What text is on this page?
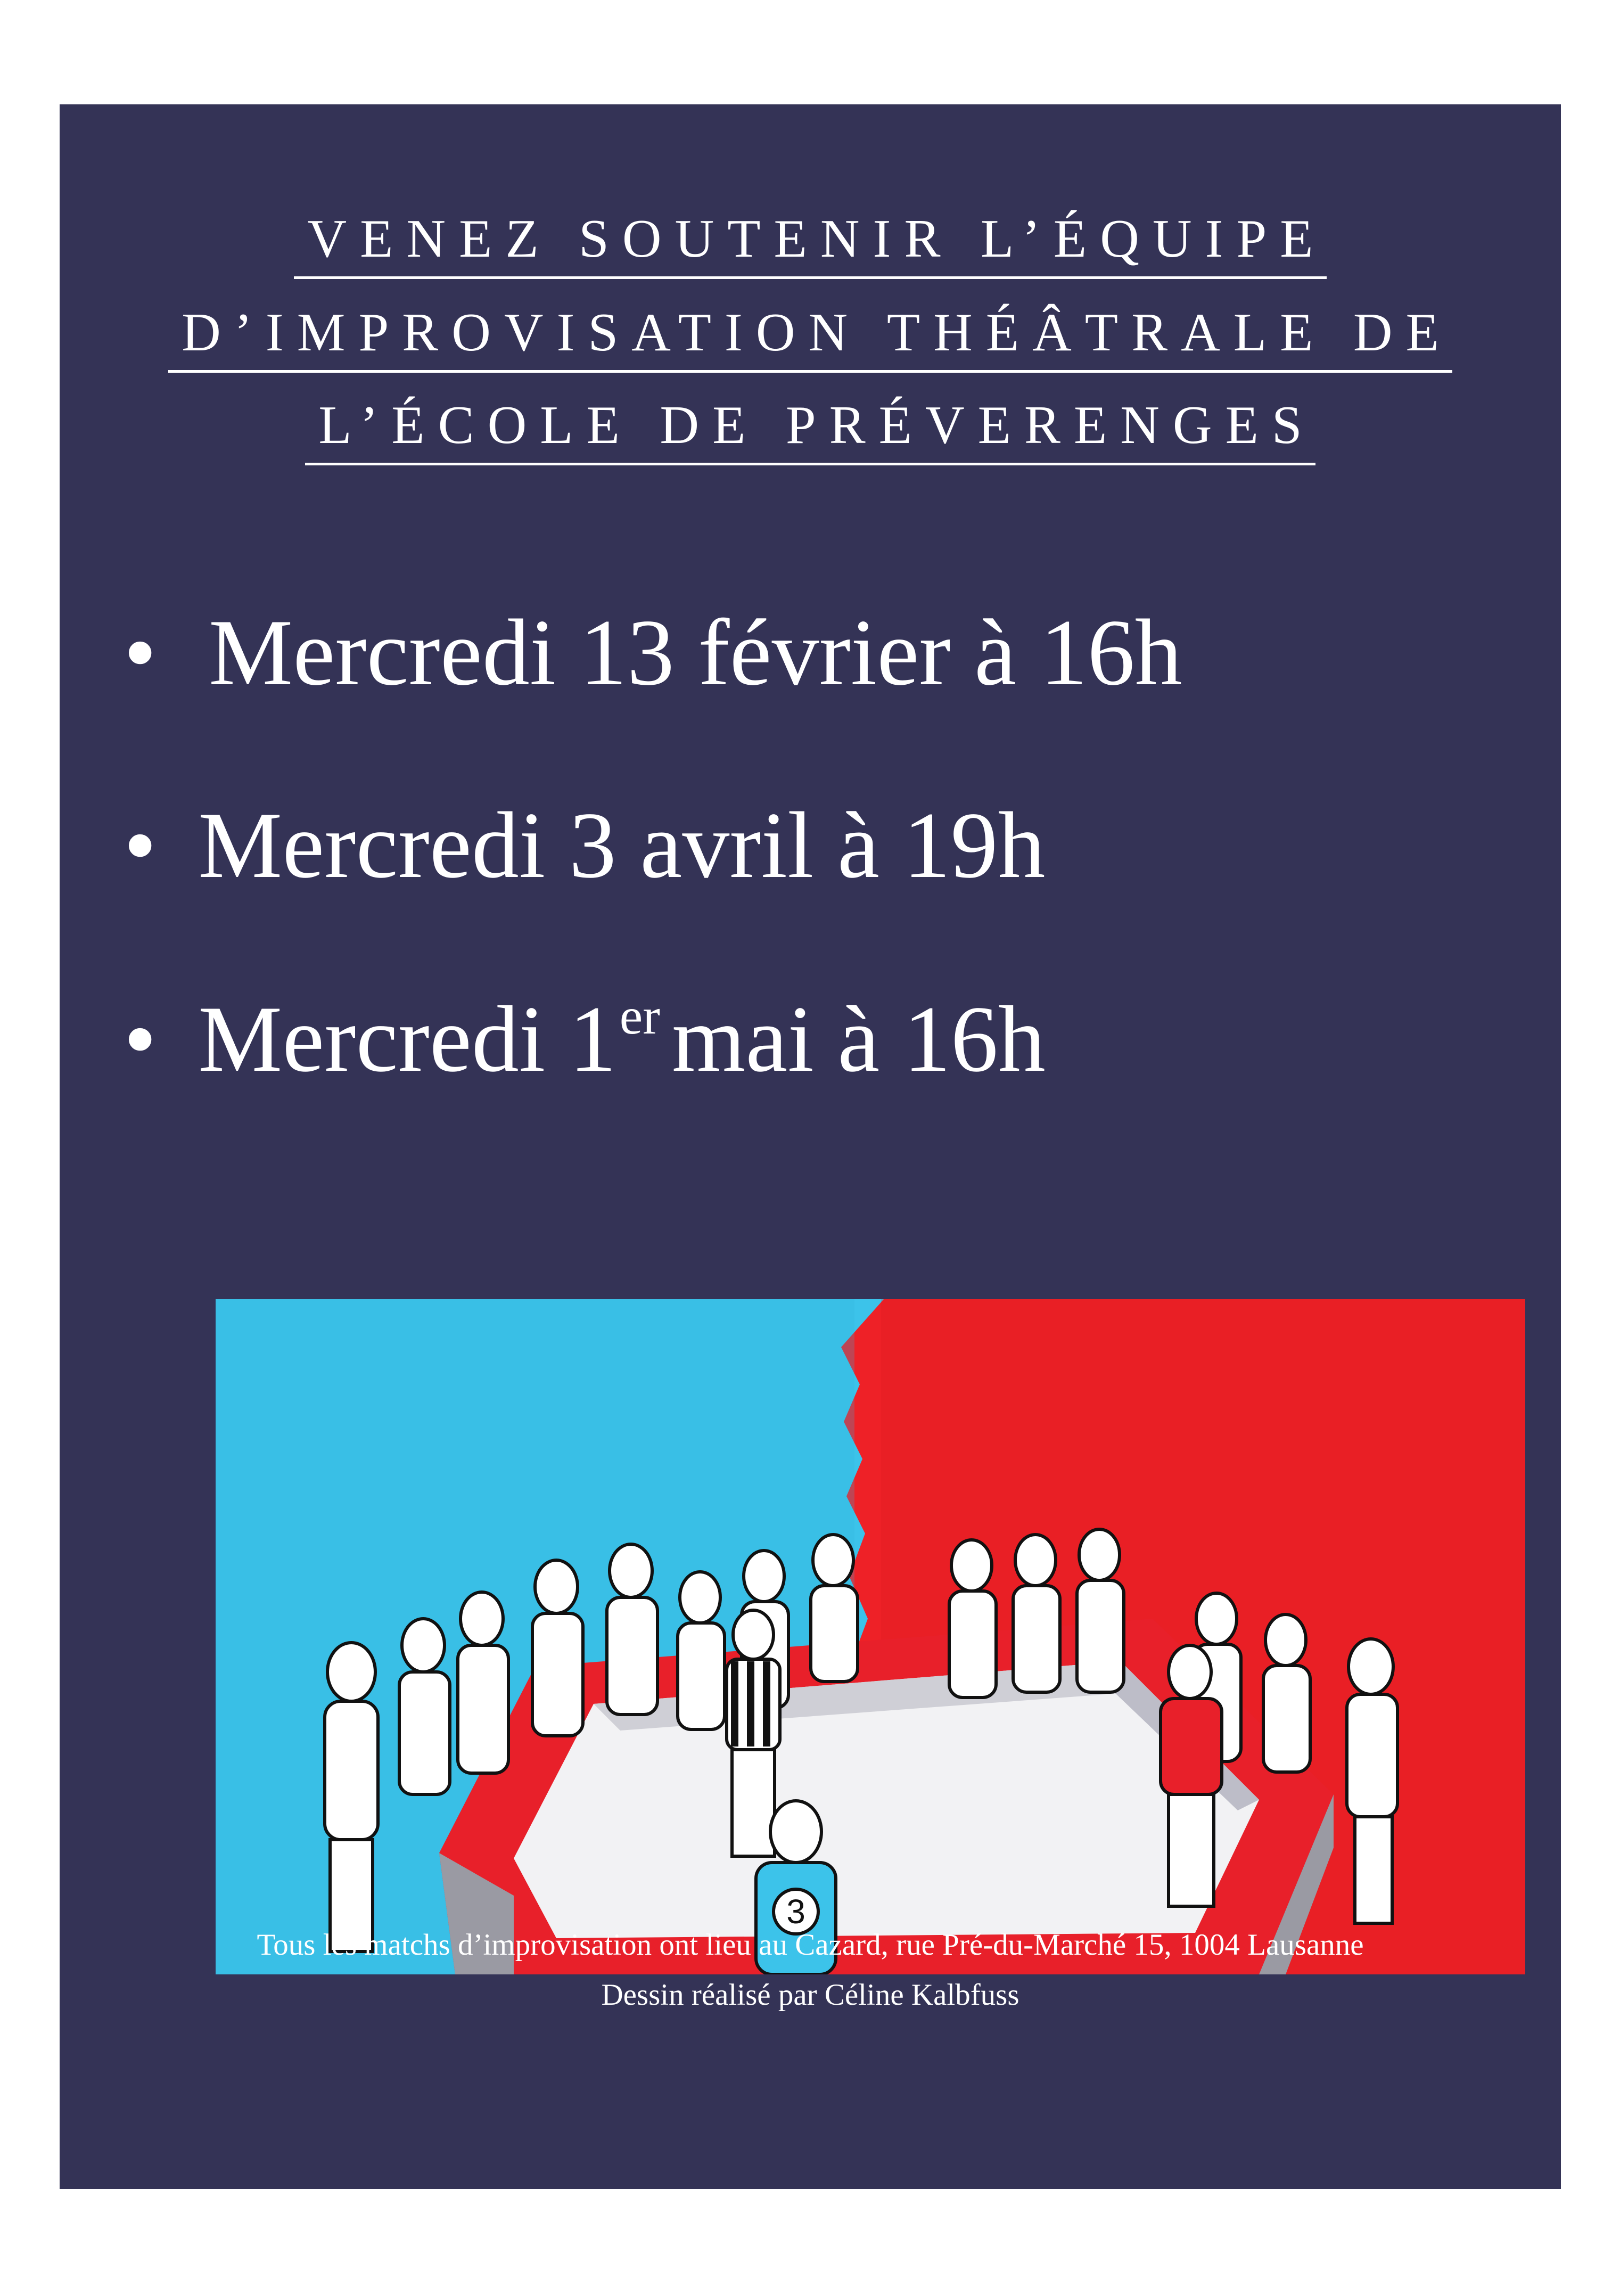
VENEZ SOUTENIR L’ÉQUIPE
D’IMPROVISATION THÉÂTRALE DE
L’ÉCOLE DE PRÉVERENGES
• Mercredi 13 février à 16h
• Mercredi 3 avril à 19h
• Mercredi 1er mai à 16h
3
Tous les matchs d’improvisation ont lieu au Cazard, rue Pré-du-Marché 15, 1004 Lausanne
Dessin réalisé par Céline Kalbfuss
